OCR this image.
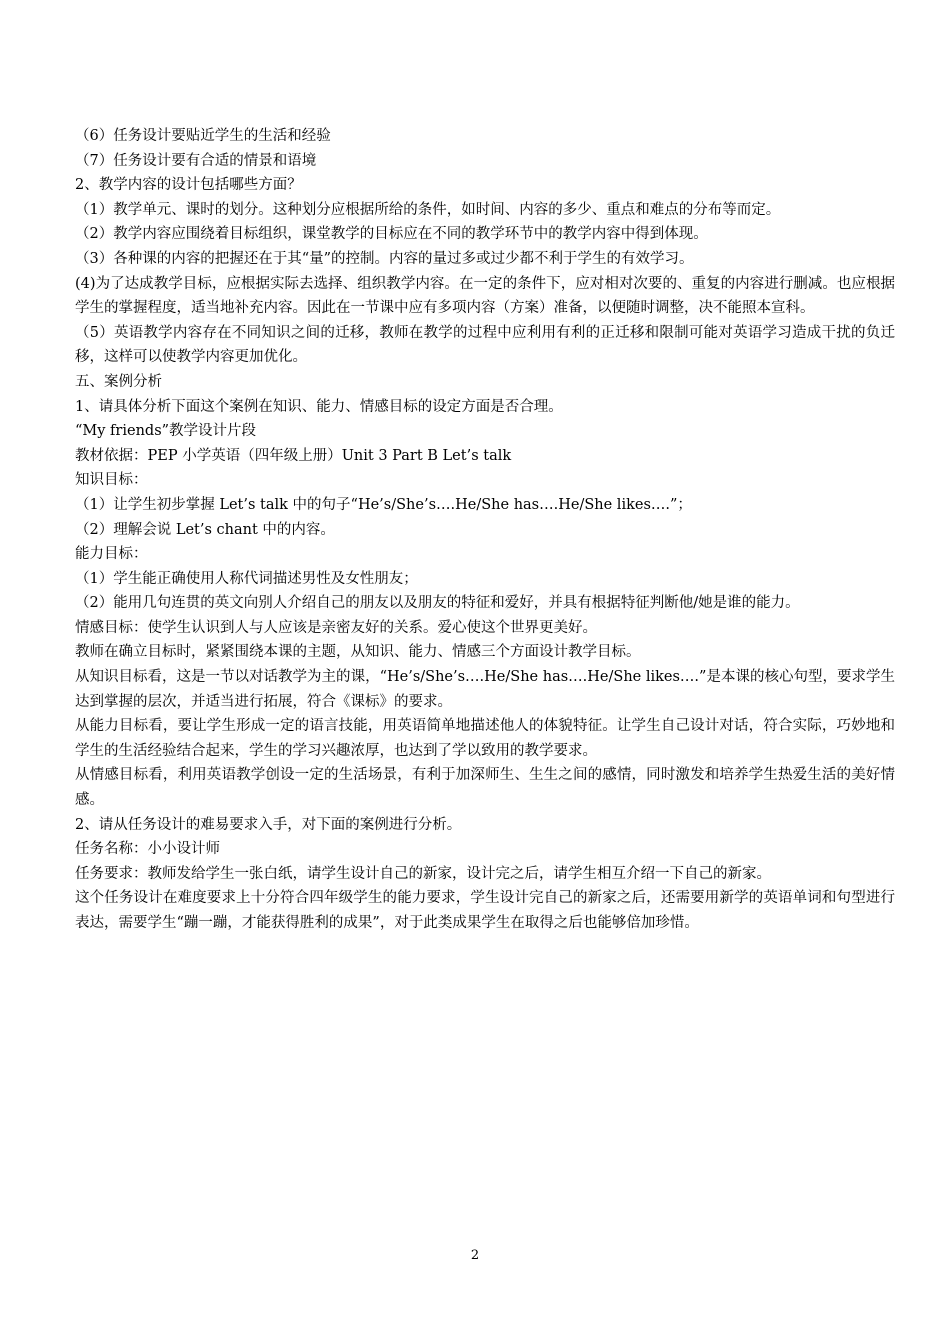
（6）任务设计要贴近学生的生活和经验

（7）任务设计要有合适的情景和语境

2、教学内容的设计包括哪些方面？

（1）教学单元、课时的划分。这种划分应根据所给的条件，如时间、内容的多少、重点和难点的分布等而定。

（2）教学内容应围绕着目标组织，课堂教学的目标应在不同的教学环节中的教学内容中得到体现。

（3）各种课的内容的把握还在于其“量”的控制。内容的量过多或过少都不利于学生的有效学习。

(4)为了达成教学目标，应根据实际去选择、组织教学内容。在一定的条件下，应对相对次要的、重复的内容进行删减。也应根据学生的掌握程度，适当地补充内容。因此在一节课中应有多项内容（方案）准备，以便随时调整，决不能照本宣科。

（5）英语教学内容存在不同知识之间的迁移，教师在教学的过程中应利用有利的正迁移和限制可能对英语学习造成干扰的负迁移，这样可以使教学内容更加优化。

五、案例分析

1、请具体分析下面这个案例在知识、能力、情感目标的设定方面是否合理。

“My friends”教学设计片段

教材依据：PEP 小学英语（四年级上册）Unit 3 Part B Let’s talk

知识目标：

（1）让学生初步掌握 Let’s talk 中的句子“He’s/She’s….He/She has….He/She likes….”；

（2）理解会说 Let’s chant 中的内容。

能力目标：

（1）学生能正确使用人称代词描述男性及女性朋友；

（2）能用几句连贯的英文向别人介绍自己的朋友以及朋友的特征和爱好，并具有根据特征判断他/她是谁的能力。

情感目标：使学生认识到人与人应该是亲密友好的关系。爱心使这个世界更美好。

教师在确立目标时，紧紧围绕本课的主题，从知识、能力、情感三个方面设计教学目标。

从知识目标看，这是一节以对话教学为主的课，“He’s/She’s….He/She has….He/She likes….”是本课的核心句型，要求学生达到掌握的层次，并适当进行拓展，符合《课标》的要求。

从能力目标看，要让学生形成一定的语言技能，用英语简单地描述他人的体貌特征。让学生自己设计对话，符合实际，巧妙地和学生的生活经验结合起来，学生的学习兴趣浓厚，也达到了学以致用的教学要求。

从情感目标看，利用英语教学创设一定的生活场景，有利于加深师生、生生之间的感情，同时激发和培养学生热爱生活的美好情感。

2、请从任务设计的难易要求入手，对下面的案例进行分析。

任务名称：小小设计师

任务要求：教师发给学生一张白纸，请学生设计自己的新家，设计完之后，请学生相互介绍一下自己的新家。

这个任务设计在难度要求上十分符合四年级学生的能力要求，学生设计完自己的新家之后，还需要用新学的英语单词和句型进行表达，需要学生“蹦一蹦，才能获得胜利的成果”，对于此类成果学生在取得之后也能够倍加珍惜。

2
